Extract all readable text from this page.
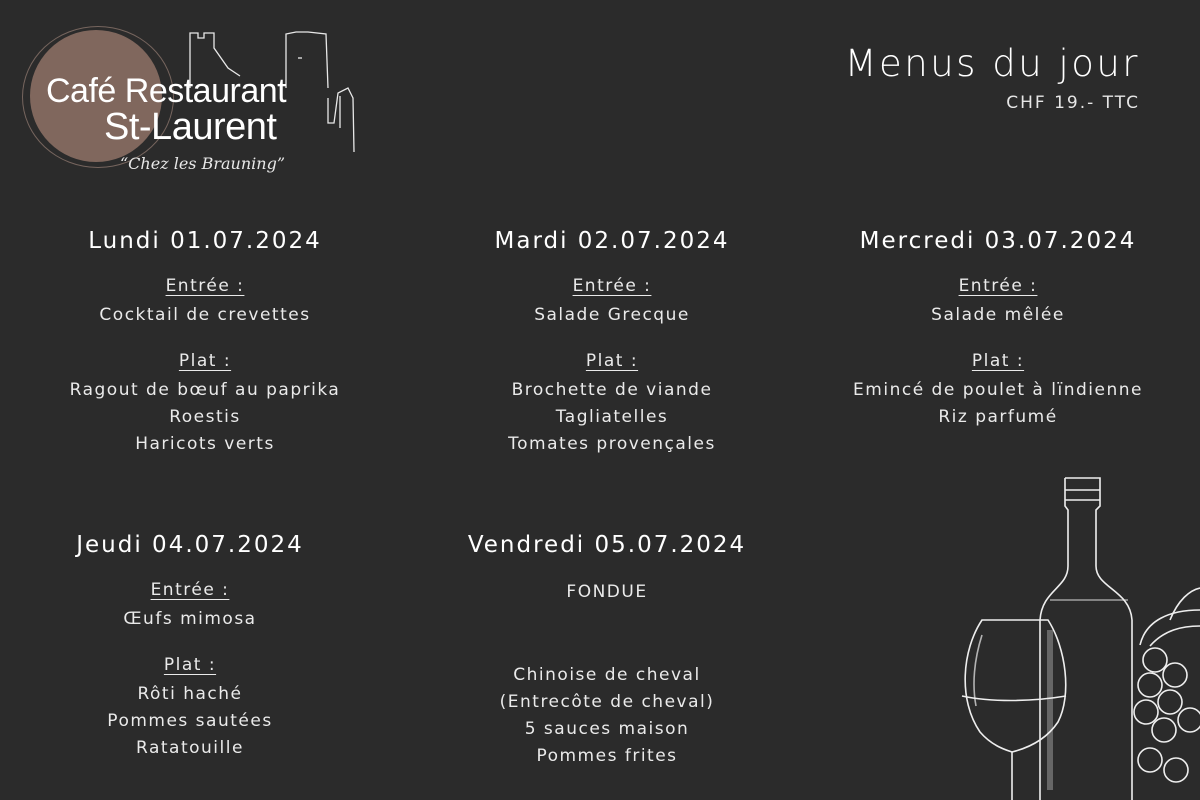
Café Restaurant
St-Laurent
“Chez les Brauning”
Menus du jour
CHF 19.- TTC
Lundi 01.07.2024
Entrée :
Cocktail de crevettes
Plat :
Ragout de bœuf au paprika
Roestis
Haricots verts
Mardi 02.07.2024
Entrée :
Salade Grecque
Plat :
Brochette de viande
Tagliatelles
Tomates provençales
Mercredi 03.07.2024
Entrée :
Salade mêlée
Plat :
Emincé de poulet à lïndienne
Riz parfumé
Jeudi 04.07.2024
Entrée :
Œufs mimosa
Plat :
Rôti haché
Pommes sautées
Ratatouille
Vendredi 05.07.2024
FONDUE
Chinoise de cheval
(Entrecôte de cheval)
5 sauces maison
Pommes frites
